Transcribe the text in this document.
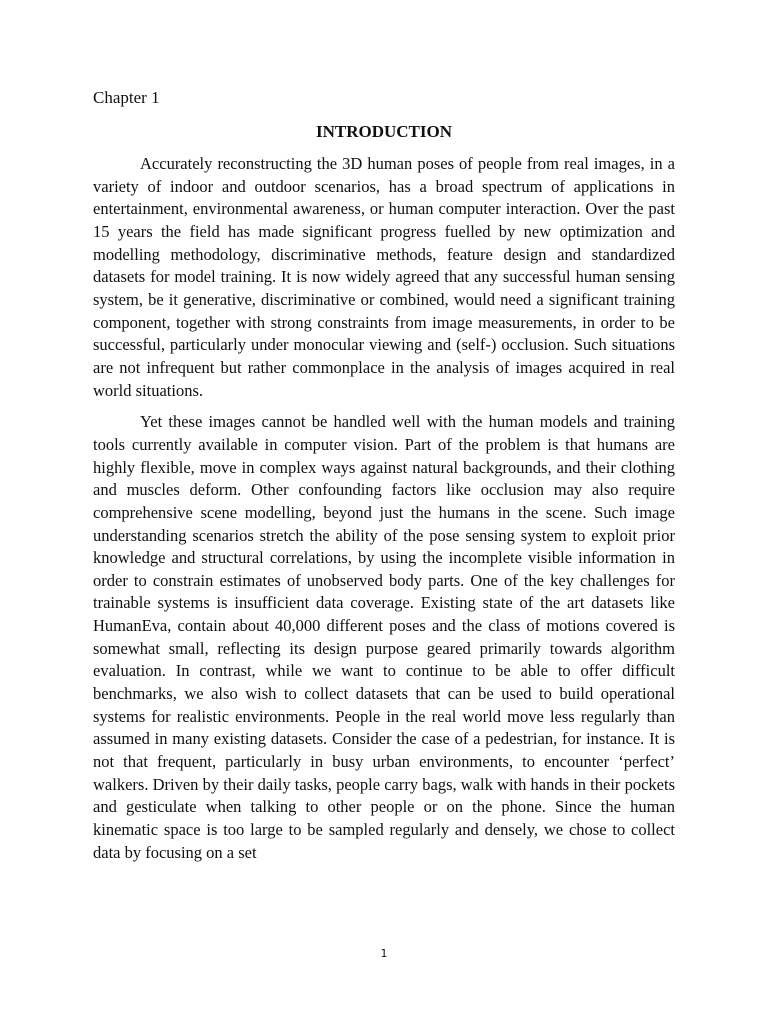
Chapter 1

INTRODUCTION

Accurately reconstructing the 3D human poses of people from real images, in a variety of indoor and outdoor scenarios, has a broad spectrum of applications in entertainment, environmental awareness, or human computer interaction. Over the past 15 years the field has made significant progress fuelled by new optimization and modelling methodology, discriminative methods, feature design and standardized datasets for model training. It is now widely agreed that any successful human sensing system, be it generative, discriminative or combined, would need a significant training component, together with strong constraints from image measurements, in order to be successful, particularly under monocular viewing and (self-) occlusion. Such situations are not infrequent but rather commonplace in the analysis of images acquired in real world situations.

Yet these images cannot be handled well with the human models and training tools currently available in computer vision. Part of the problem is that humans are highly flexible, move in complex ways against natural backgrounds, and their clothing and muscles deform. Other confounding factors like occlusion may also require comprehensive scene modelling, beyond just the humans in the scene. Such image understanding scenarios stretch the ability of the pose sensing system to exploit prior knowledge and structural correlations, by using the incomplete visible information in order to constrain estimates of unobserved body parts. One of the key challenges for trainable systems is insufficient data coverage. Existing state of the art datasets like HumanEva, contain about 40,000 different poses and the class of motions covered is somewhat small, reflecting its design purpose geared primarily towards algorithm evaluation. In contrast, while we want to continue to be able to offer difficult benchmarks, we also wish to collect datasets that can be used to build operational systems for realistic environments. People in the real world move less regularly than assumed in many existing datasets. Consider the case of a pedestrian, for instance. It is not that frequent, particularly in busy urban environments, to encounter ‘perfect’ walkers. Driven by their daily tasks, people carry bags, walk with hands in their pockets and gesticulate when talking to other people or on the phone. Since the human kinematic space is too large to be sampled regularly and densely, we chose to collect data by focusing on a set

1
